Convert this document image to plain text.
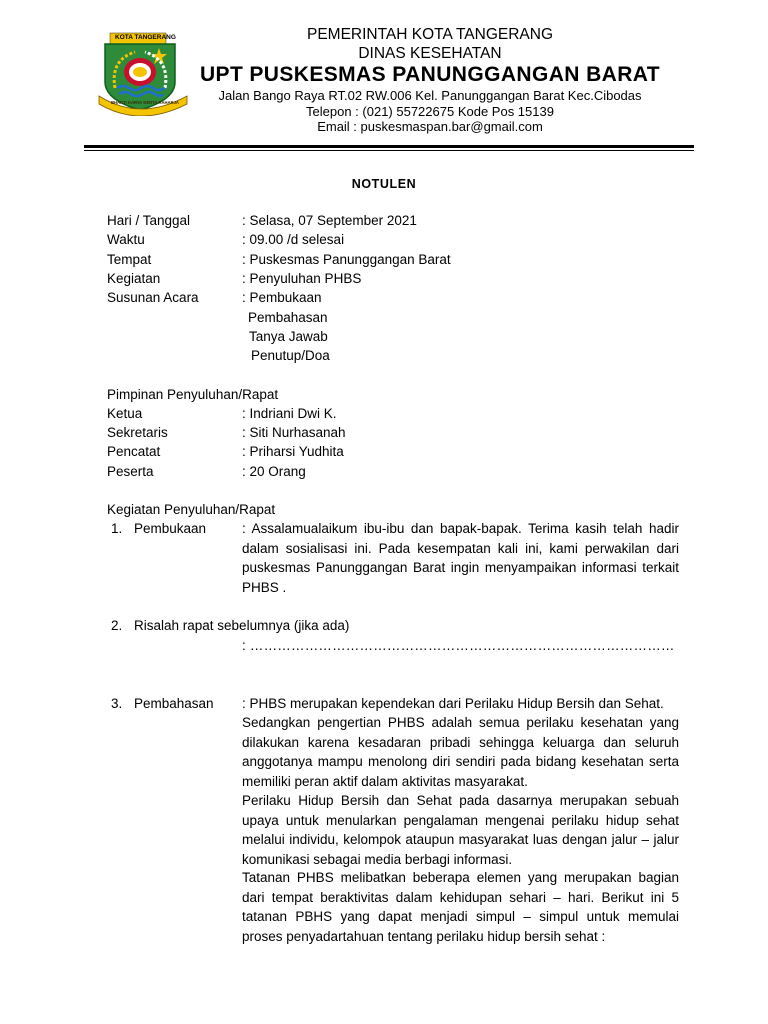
KOTA TANGERANG
BHAKTI KARYA KERTA RAHARJA
PEMERINTAH KOTA TANGERANG
DINAS KESEHATAN
UPT PUSKESMAS PANUNGGANGAN BARAT
Jalan Bango Raya RT.02 RW.006 Kel. Panunggangan Barat Kec.Cibodas
Telepon : (021) 55722675 Kode Pos 15139
Email : puskesmaspan.bar@gmail.com
NOTULEN
Hari / Tanggal	: Selasa, 07 September 2021
Waktu	: 09.00 /d selesai
Tempat	: Puskesmas Panunggangan Barat
Kegiatan	: Penyuluhan PHBS
Susunan Acara	: Pembukaan
Pembahasan
Tanya Jawab
Penutup/Doa
Pimpinan Penyuluhan/Rapat
Ketua	: Indriani Dwi K.
Sekretaris	: Siti Nurhasanah
Pencatat	: Priharsi Yudhita
Peserta	: 20 Orang
Kegiatan Penyuluhan/Rapat
1. Pembukaan	: Assalamualaikum ibu-ibu dan bapak-bapak. Terima kasih telah hadir dalam sosialisasi ini. Pada kesempatan kali ini, kami perwakilan dari puskesmas Panunggangan Barat ingin menyampaikan informasi terkait PHBS .
2. Risalah rapat sebelumnya (jika ada)
: …………………………………………………………………………………
3. Pembahasan : PHBS merupakan kependekan dari Perilaku Hidup Bersih dan Sehat.
Sedangkan pengertian PHBS adalah semua perilaku kesehatan yang dilakukan karena kesadaran pribadi sehingga keluarga dan seluruh anggotanya mampu menolong diri sendiri pada bidang kesehatan serta memiliki peran aktif dalam aktivitas masyarakat.
Perilaku Hidup Bersih dan Sehat pada dasarnya merupakan sebuah upaya untuk menularkan pengalaman mengenai perilaku hidup sehat melalui individu, kelompok ataupun masyarakat luas dengan jalur – jalur komunikasi sebagai media berbagi informasi.
Tatanan PHBS melibatkan beberapa elemen yang merupakan bagian dari tempat beraktivitas dalam kehidupan sehari – hari. Berikut ini 5 tatanan PBHS yang dapat menjadi simpul – simpul untuk memulai proses penyadartahuan tentang perilaku hidup bersih sehat :
